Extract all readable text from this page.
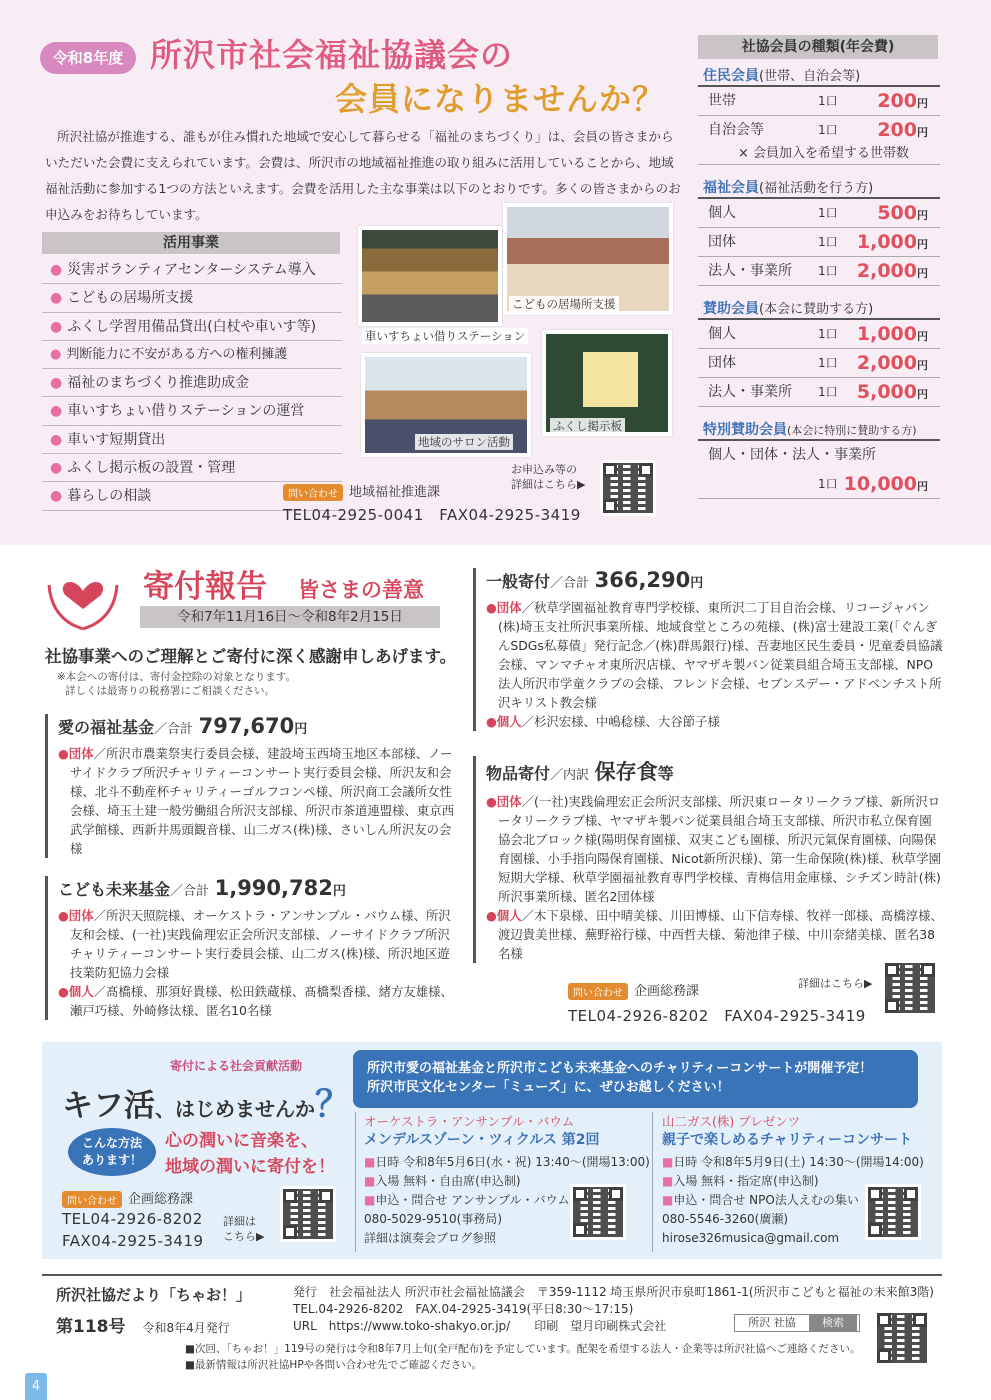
令和8年度 所沢市社会福祉協議会の
会員になりませんか？
所沢社協が推進する、誰もが住み慣れた地域で安心して暮らせる「福祉のまちづくり」は、会員の皆さまからいただいた会費に支えられています。会費は、所沢市の地域福祉推進の取り組みに活用していることから、地域福祉活動に参加する1つの方法といえます。会費を活用した主な事業は以下のとおりです。多くの皆さまからのお申込みをお待ちしています。
活用事業
● 災害ボランティアセンターシステム導入
● こどもの居場所支援
● ふくし学習用備品貸出(白杖や車いす等)
● 判断能力に不安がある方への権利擁護
● 福祉のまちづくり推進助成金
● 車いすちょい借りステーションの運営
● 車いす短期貸出
● ふくし掲示板の設置・管理
● 暮らしの相談
車いすちょい借りステーション
こどもの居場所支援
地域のサロン活動
ふくし掲示板
問い合わせ 地域福祉推進課
TEL04-2925-0041　FAX04-2925-3419
お申込み等の
詳細はこちら▶
社協会員の種類(年会費)
住民会員(世帯、自治会等)
世帯	1口 200円
自治会等	1口 200円
× 会員加入を希望する世帯数
福祉会員(福祉活動を行う方)
個人	1口 500円
団体	1口 1,000円
法人・事業所 1口 2,000円
賛助会員(本会に賛助する方)
個人	1口 1,000円
団体	1口 2,000円
法人・事業所 1口 5,000円
特別賛助会員(本会に特別に賛助する方)
個人・団体・法人・事業所
1口 10,000円
寄付報告　 皆さまの善意
令和7年11月16日～令和8年2月15日
社協事業へのご理解とご寄付に深く感謝申しあげます。
※本会への寄付は、寄付金控除の対象となります。
詳しくは最寄りの税務署にご相談ください。
愛の福祉基金／合計 797,670円

●団体／所沢市農業祭実行委員会様、建設埼玉西埼玉地区本部様、ノーサイドクラブ所沢チャリティーコンサート実行委員会様、所沢友和会様、北斗不動産杯チャリティーゴルフコンペ様、所沢商工会議所女性会様、埼玉土建一般労働組合所沢支部様、所沢市茶道連盟様、東京西武学館様、西新井馬頭観音様、山二ガス(株)様、さいしん所沢友の会様

こども未来基金／合計 1,990,782円

●団体／所沢天照院様、オーケストラ・アンサンブル・バウム様、所沢友和会様、(一社)実践倫理宏正会所沢支部様、ノーサイドクラブ所沢チャリティーコンサート実行委員会様、山二ガス(株)様、所沢地区遊技業防犯協力会様

●個人／髙橋様、那須好貴様、松田鉄蔵様、髙橋梨香様、緒方友雄様、瀬戸巧様、外崎修汰様、匿名10名様

一般寄付／合計 366,290円

●団体／秋草学園福祉教育専門学校様、東所沢二丁目自治会様、リコージャパン(株)埼玉支社所沢事業所様、地域食堂ところの苑様、(株)富士建設工業(「ぐんぎんSDGs私募債」発行記念／(株)群馬銀行)様、吾妻地区民生委員・児童委員協議会様、マンマチャオ東所沢店様、ヤマザキ製パン従業員組合埼玉支部様、NPO法人所沢市学童クラブの会様、フレンド会様、セブンスデー・アドベンチスト所沢キリスト教会様

●個人／杉沢宏様、中嶋稔様、大谷節子様

物品寄付／内訳 保存食等

●団体／(一社)実践倫理宏正会所沢支部様、所沢東ロータリークラブ様、新所沢ロータリークラブ様、ヤマザキ製パン従業員組合埼玉支部様、所沢市私立保育園協会北ブロック様(陽明保育園様、双実こども園様、所沢元氣保育園様、向陽保育園様、小手指向陽保育園様、Nicot新所沢様)、第一生命保険(株)様、秋草学園短期大学様、秋草学園福祉教育専門学校様、青梅信用金庫様、シチズン時計(株)所沢事業所様、匿名2団体様

●個人／木下泉様、田中晴美様、川田博様、山下信寿様、牧祥一郎様、髙橋淳様、渡辺貴美世様、蕪野裕行様、中西哲夫様、菊池律子様、中川奈緒美様、匿名38名様

問い合わせ 企画総務課
TEL04-2926-8202　FAX04-2925-3419
詳細はこちら▶
寄付による社会貢献活動
キフ活、はじめませんか？
こんな方法
あります！
心の潤いに音楽を、
地域の潤いに寄付を！
問い合わせ 企画総務課
TEL04-2926-8202
FAX04-2925-3419
詳細は
こちら▶
所沢市愛の福祉基金と所沢市こども未来基金へのチャリティーコンサートが開催予定！
所沢市民文化センター「ミューズ」に、ぜひお越しください！
オーケストラ・アンサンブル・バウム
メンデルスゾーン・ツィクルス 第2回
■日時 令和8年5月6日(水・祝) 13:40～(開場13:00)
■入場 無料・自由席(申込制)
■申込・問合せ アンサンブル・バウム
080-5029-9510(事務局)
詳細は演奏会ブログ参照
山二ガス(株) プレゼンツ
親子で楽しめるチャリティーコンサート
■日時 令和8年5月9日(土) 14:30～(開場14:00)
■入場 無料・指定席(申込制)
■申込・問合せ NPO法人えむの集い
080-5546-3260(廣瀬)
hirose326musica@gmail.com
所沢社協だより「ちゃお！」
第118号　 令和8年4月発行
発行　社会福祉法人 所沢市社会福祉協議会　〒359-1112 埼玉県所沢市泉町1861-1(所沢市こどもと福祉の未来館3階)
TEL.04-2926-8202　FAX.04-2925-3419(平日8:30～17:15)
URL　https://www.toko-shakyo.or.jp/　　印刷　望月印刷株式会社	所沢 社協 検索
■次回、「ちゃお！」119号の発行は令和8年7月上旬(全戸配布)を予定しています。配架を希望する法人・企業等は所沢社協へご連絡ください。
■最新情報は所沢社協HPや各問い合わせ先でご確認ください。
4
